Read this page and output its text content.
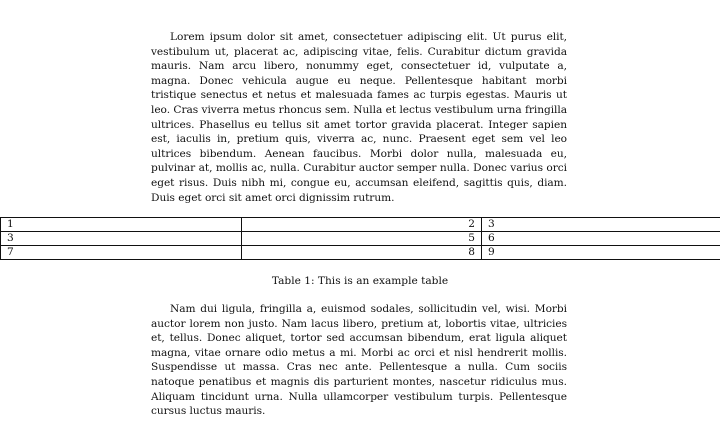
Lorem ipsum dolor sit amet, consectetuer adipiscing elit. Ut purus elit, vestibulum ut, placerat ac, adipiscing vitae, felis. Curabitur dictum gravida mauris. Nam arcu libero, nonummy eget, consectetuer id, vulputate a, magna. Donec vehicula augue eu neque. Pellentesque habitant morbi tristique senectus et netus et malesuada fames ac turpis egestas. Mauris ut leo. Cras viverra metus rhoncus sem. Nulla et lectus vestibulum urna fringilla ultrices. Phasellus eu tellus sit amet tortor gravida placerat. Integer sapien est, iaculis in, pretium quis, viverra ac, nunc. Praesent eget sem vel leo ultrices bibendum. Aenean faucibus. Morbi dolor nulla, malesuada eu, pulvinar at, mollis ac, nulla. Curabitur auctor semper nulla. Donec varius orci eget risus. Duis nibh mi, congue eu, accumsan eleifend, sagittis quis, diam. Duis eget orci sit amet orci dignissim rutrum.
1	2	3
3	5	6
7	8	9
Table 1: This is an example table
Nam dui ligula, fringilla a, euismod sodales, sollicitudin vel, wisi. Morbi auctor lorem non justo. Nam lacus libero, pretium at, lobortis vitae, ultricies et, tellus. Donec aliquet, tortor sed accumsan bibendum, erat ligula aliquet magna, vitae ornare odio metus a mi. Morbi ac orci et nisl hendrerit mollis. Suspendisse ut massa. Cras nec ante. Pellentesque a nulla. Cum sociis natoque penatibus et magnis dis parturient montes, nascetur ridiculus mus. Aliquam tincidunt urna. Nulla ullamcorper vestibulum turpis. Pellentesque cursus luctus mauris.
